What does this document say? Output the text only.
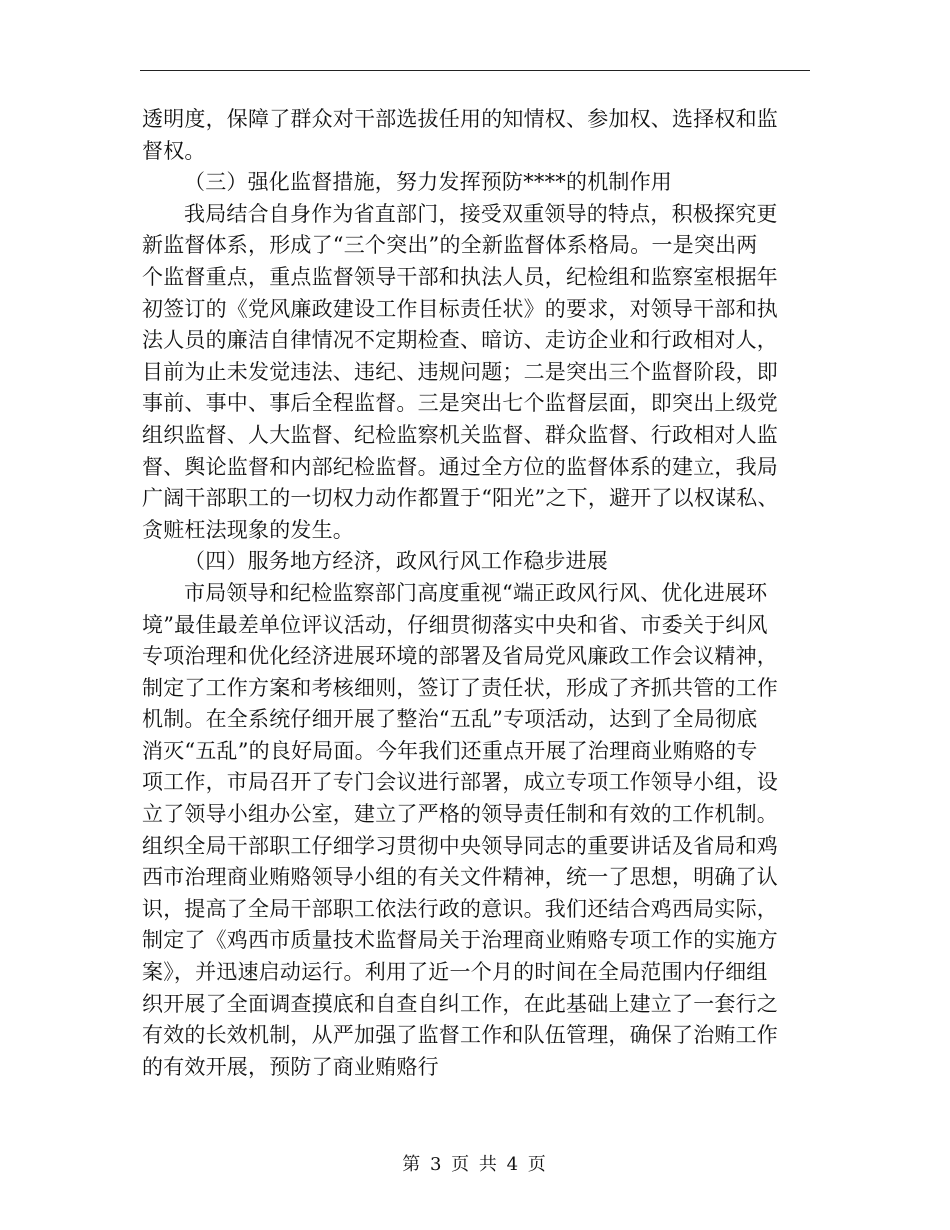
透明度，保障了群众对干部选拔任用的知情权、参加权、选择权和监
督权。
（三）强化监督措施，努力发挥预防****的机制作用
我局结合自身作为省直部门，接受双重领导的特点，积极探究更
新监督体系，形成了“三个突出”的全新监督体系格局。一是突出两
个监督重点，重点监督领导干部和执法人员，纪检组和监察室根据年
初签订的《党风廉政建设工作目标责任状》的要求，对领导干部和执
法人员的廉洁自律情况不定期检查、暗访、走访企业和行政相对人，
目前为止未发觉违法、违纪、违规问题；二是突出三个监督阶段，即
事前、事中、事后全程监督。三是突出七个监督层面，即突出上级党
组织监督、人大监督、纪检监察机关监督、群众监督、行政相对人监
督、舆论监督和内部纪检监督。通过全方位的监督体系的建立，我局
广阔干部职工的一切权力动作都置于“阳光”之下，避开了以权谋私、
贪赃枉法现象的发生。
（四）服务地方经济，政风行风工作稳步进展
市局领导和纪检监察部门高度重视“端正政风行风、优化进展环
境”最佳最差单位评议活动，仔细贯彻落实中央和省、市委关于纠风
专项治理和优化经济进展环境的部署及省局党风廉政工作会议精神，
制定了工作方案和考核细则，签订了责任状，形成了齐抓共管的工作
机制。在全系统仔细开展了整治“五乱”专项活动，达到了全局彻底
消灭“五乱”的良好局面。今年我们还重点开展了治理商业贿赂的专
项工作，市局召开了专门会议进行部署，成立专项工作领导小组，设
立了领导小组办公室，建立了严格的领导责任制和有效的工作机制。
组织全局干部职工仔细学习贯彻中央领导同志的重要讲话及省局和鸡
西市治理商业贿赂领导小组的有关文件精神，统一了思想，明确了认
识，提高了全局干部职工依法行政的意识。我们还结合鸡西局实际，
制定了《鸡西市质量技术监督局关于治理商业贿赂专项工作的实施方
案》，并迅速启动运行。利用了近一个月的时间在全局范围内仔细组
织开展了全面调查摸底和自查自纠工作，在此基础上建立了一套行之
有效的长效机制，从严加强了监督工作和队伍管理，确保了治贿工作
的有效开展，预防了商业贿赂行
第 3 页 共 4 页
